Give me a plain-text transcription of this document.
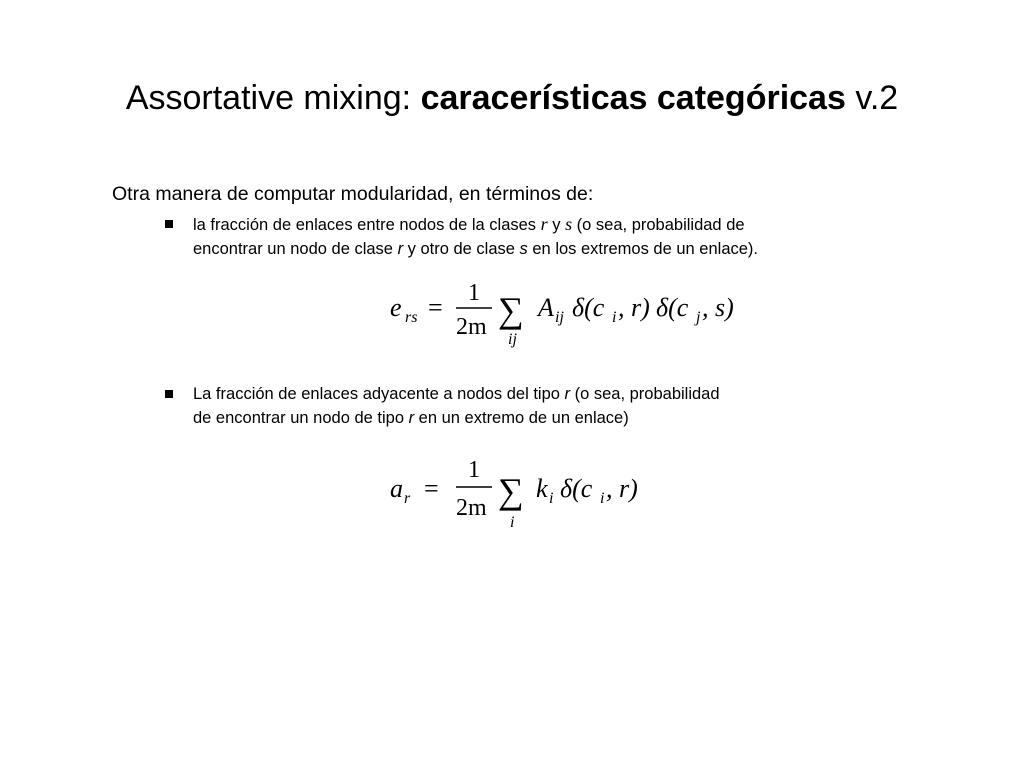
Assortative mixing: caracerísticas categóricas v.2
Otra manera de computar modularidad, en términos de:
la fracción de enlaces entre nodos de la clases r y s (o sea, probabilidad de
encontrar un nodo de clase r y otro de clase s en los extremos de un enlace).
e rs = 1
2m ∑
ij
A ij δ(c i , r) δ(c j , s)
La fracción de enlaces adyacente a nodos del tipo r (o sea, probabilidad
de encontrar un nodo de tipo r en un extremo de un enlace)
a r =
1
2m ∑
i
k i δ(c i , r)
